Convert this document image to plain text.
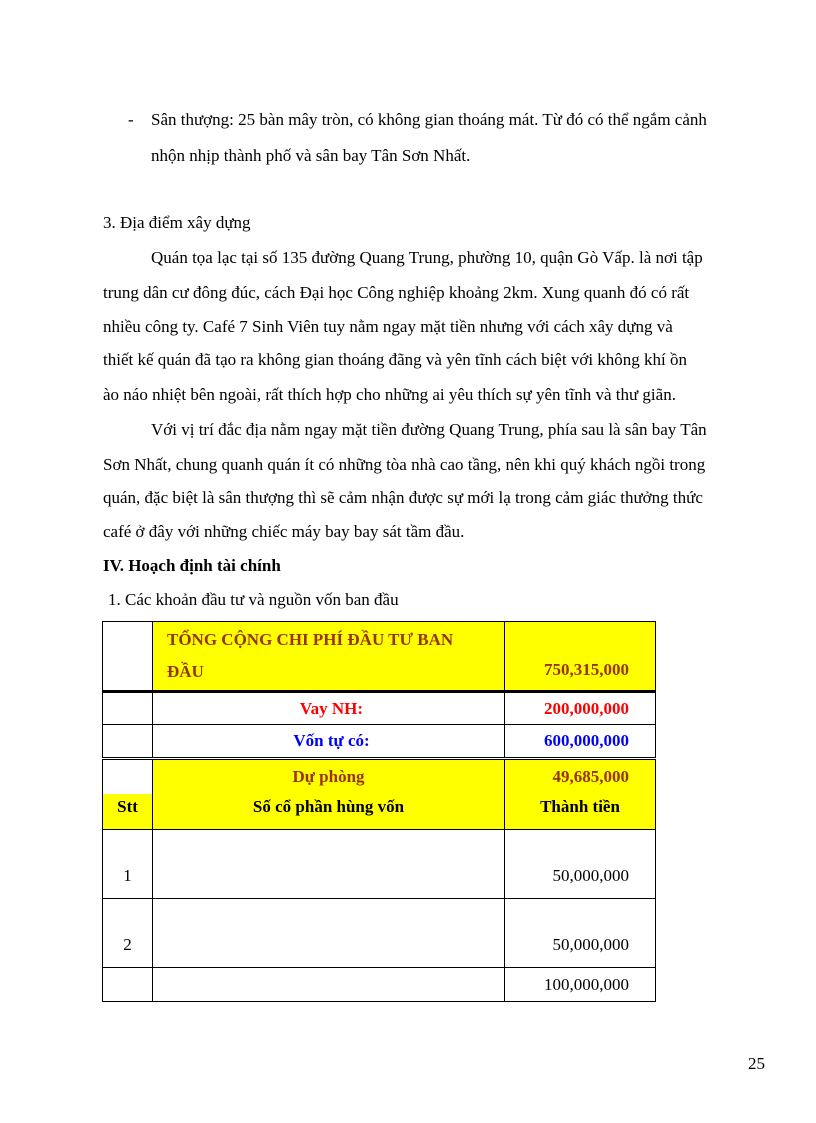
- Sân thượng: 25 bàn mây tròn, có không gian thoáng mát. Từ đó có thể ngắm cảnh
nhộn nhịp thành phố và sân bay Tân Sơn Nhất.
3. Địa điểm xây dựng
Quán tọa lạc tại số 135 đường Quang Trung, phường 10, quận Gò Vấp. là nơi tập
trung dân cư đông đúc, cách Đại học Công nghiệp khoảng 2km. Xung quanh đó có rất
nhiều công ty. Café 7 Sinh Viên tuy nằm ngay mặt tiền nhưng với cách xây dựng và
thiết kế quán đã tạo ra không gian thoáng đãng và yên tĩnh cách biệt với không khí ồn
ào náo nhiệt bên ngoài, rất thích hợp cho những ai yêu thích sự yên tĩnh và thư giãn.
Với vị trí đắc địa nằm ngay mặt tiền đường Quang Trung, phía sau là sân bay Tân
Sơn Nhất, chung quanh quán ít có những tòa nhà cao tầng, nên khi quý khách ngồi trong
quán, đặc biệt là sân thượng thì sẽ cảm nhận được sự mới lạ trong cảm giác thưởng thức
café ở đây với những chiếc máy bay bay sát tầm đầu.
IV. Hoạch định tài chính
1. Các khoản đầu tư và nguồn vốn ban đầu

	TỔNG CỘNG CHI PHÍ ĐẦU TƯ BAN
ĐẦU	750,315,000
	Vay NH:	200,000,000
	Vốn tự có:	600,000,000
	Dự phòng	49,685,000
Stt	Số cổ phần hùng vốn	Thành tiền
1		50,000,000
2		50,000,000
		100,000,000
25
